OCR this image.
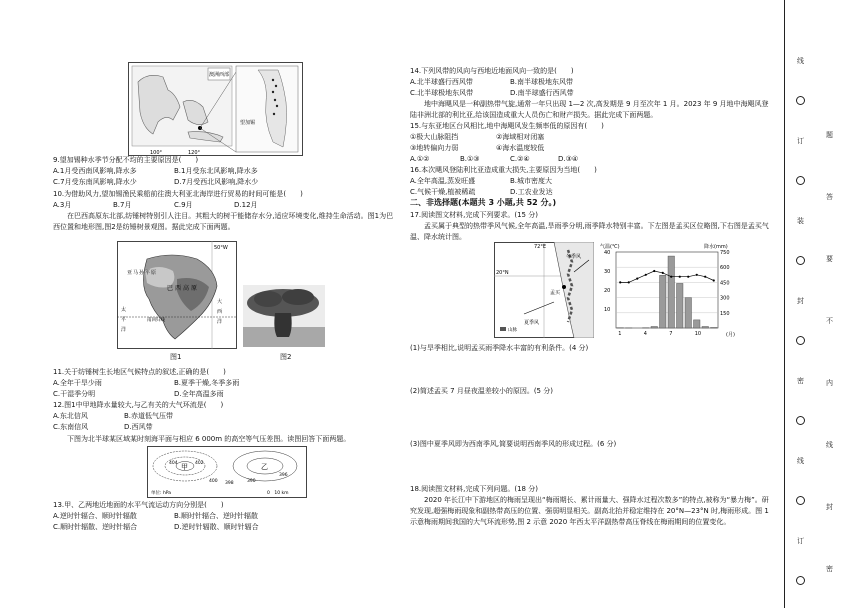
澳洲西部
望加锡
100°	120°
9.望加锡种水季节分配不均的主要原因是(　　)
A.1月受西南风影响,降水多	B.1月受东北风影响,降水多
C.7月受东南风影响,降水少	D.7月受西北风影响,降水少
10.为借助风力,望加锡渔民乘船前往澳大利亚北海岸进行贸易的时间可能是(　　)
A.3月	B.7月	C.9月	D.12月
在巴西高原东北部,纺锤树特别引人注目。其粗大的树干能储存水分,适应环境变化,维持生命活动。图1为巴西位置和地形图,图2是纺锤树景观图。据此完成下面两题。
50°W
亚 马 孙 平 原
巴 西 高 原
南回归线
太
平
洋
大
西
洋
图1	图2
11.关于纺锤树生长地区气候特点的叙述,正确的是(　　)
A.全年干旱少雨	B.夏季干燥,冬季多雨
C.干湿季分明	D.全年高温多雨
12.图1中甲地降水量较大,与乙有关的大气环流是(　　)
A.东北信风	B.赤道低气压带
C.东南信风	D.西风带
下图为北半球某区域某时刻海平面与相应 6 000m 的高空等气压差图。读图回答下面两题。
甲	乙
404	402
400 398
396
390
单位: hPa	0　10 km
13.甲、乙两地近地面的水平气流运动方向分别是(　　)
A.逆时针辐合、顺时针辐散	B.顺时针辐合、逆时针辐散
C.顺时针辐散、逆时针辐合	D.逆时针辐散、顺时针辐合
14.下列风带的风向与西地近地面风向一致的是(　　)
A.北半球盛行西风带	B.南半球极地东风带
C.北半球极地东风带	D.南半球盛行西风带
地中海飓风是一种副热带气旋,通常一年只出现 1—2 次,高发期是 9 月至次年 1 月。2023 年 9 月地中海飓风登陆非洲北部的利比亚,给该国造成重大人员伤亡和财产损失。据此完成下面两题。
15.与东亚地区台风相比,地中海飓风发生频率低的原因有(　　)
①极大山脉阻挡	②海域相对闭塞
③地转偏向力弱	④海水温度较低
A.①②	B.①③	C.②④	D.③④
16.本次飓风登陆利比亚造成重大损失,主要原因为当地(　　)
A.全年高温,蒸发旺盛	B.城市密度大
C.气候干燥,植被稀疏	D.工农业发达
二、非选择题(本题共 3 小题,共 52 分。)
17.阅读图文材料,完成下列要求。(15 分)
孟买属于典型的热带季风气候,全年高温,旱雨季分明,雨季降水特别丰富。下左图是孟买区位略图,下右图是孟买气温、降水统计图。
72°E
20°N
孟买
冬季风
夏季风
山脉
气温(℃)	降水(mm)
(月)
10
20
30
40
150
300
450
600
750
1	4	7	10
(1)与旱季相比,说明孟买雨季降水丰富的有利条件。(4 分)
(2)简述孟买 7 月昼夜温差较小的原因。(5 分)
(3)图中夏季风即为西南季风,简要说明西南季风的形成过程。(6 分)
18.阅读图文材料,完成下列问题。(18 分)
2020 年长江中下游地区的梅雨呈现出“梅雨期长、累计雨量大、强降水过程次数多”的特点,被称为“暴力梅”。研究发现,超强梅雨现象和副热带高压的位置、强弱明显相关。副高北抬并稳定维持在 20°N—23°N 时,梅雨形成。图 1 示意梅雨期间我国的大气环流形势,图 2 示意 2020 年西太平洋副热带高压脊线在梅雨期间的位置变化。
线
订
装
封
密
线
订
题
答
要
不
内
线
封
密
